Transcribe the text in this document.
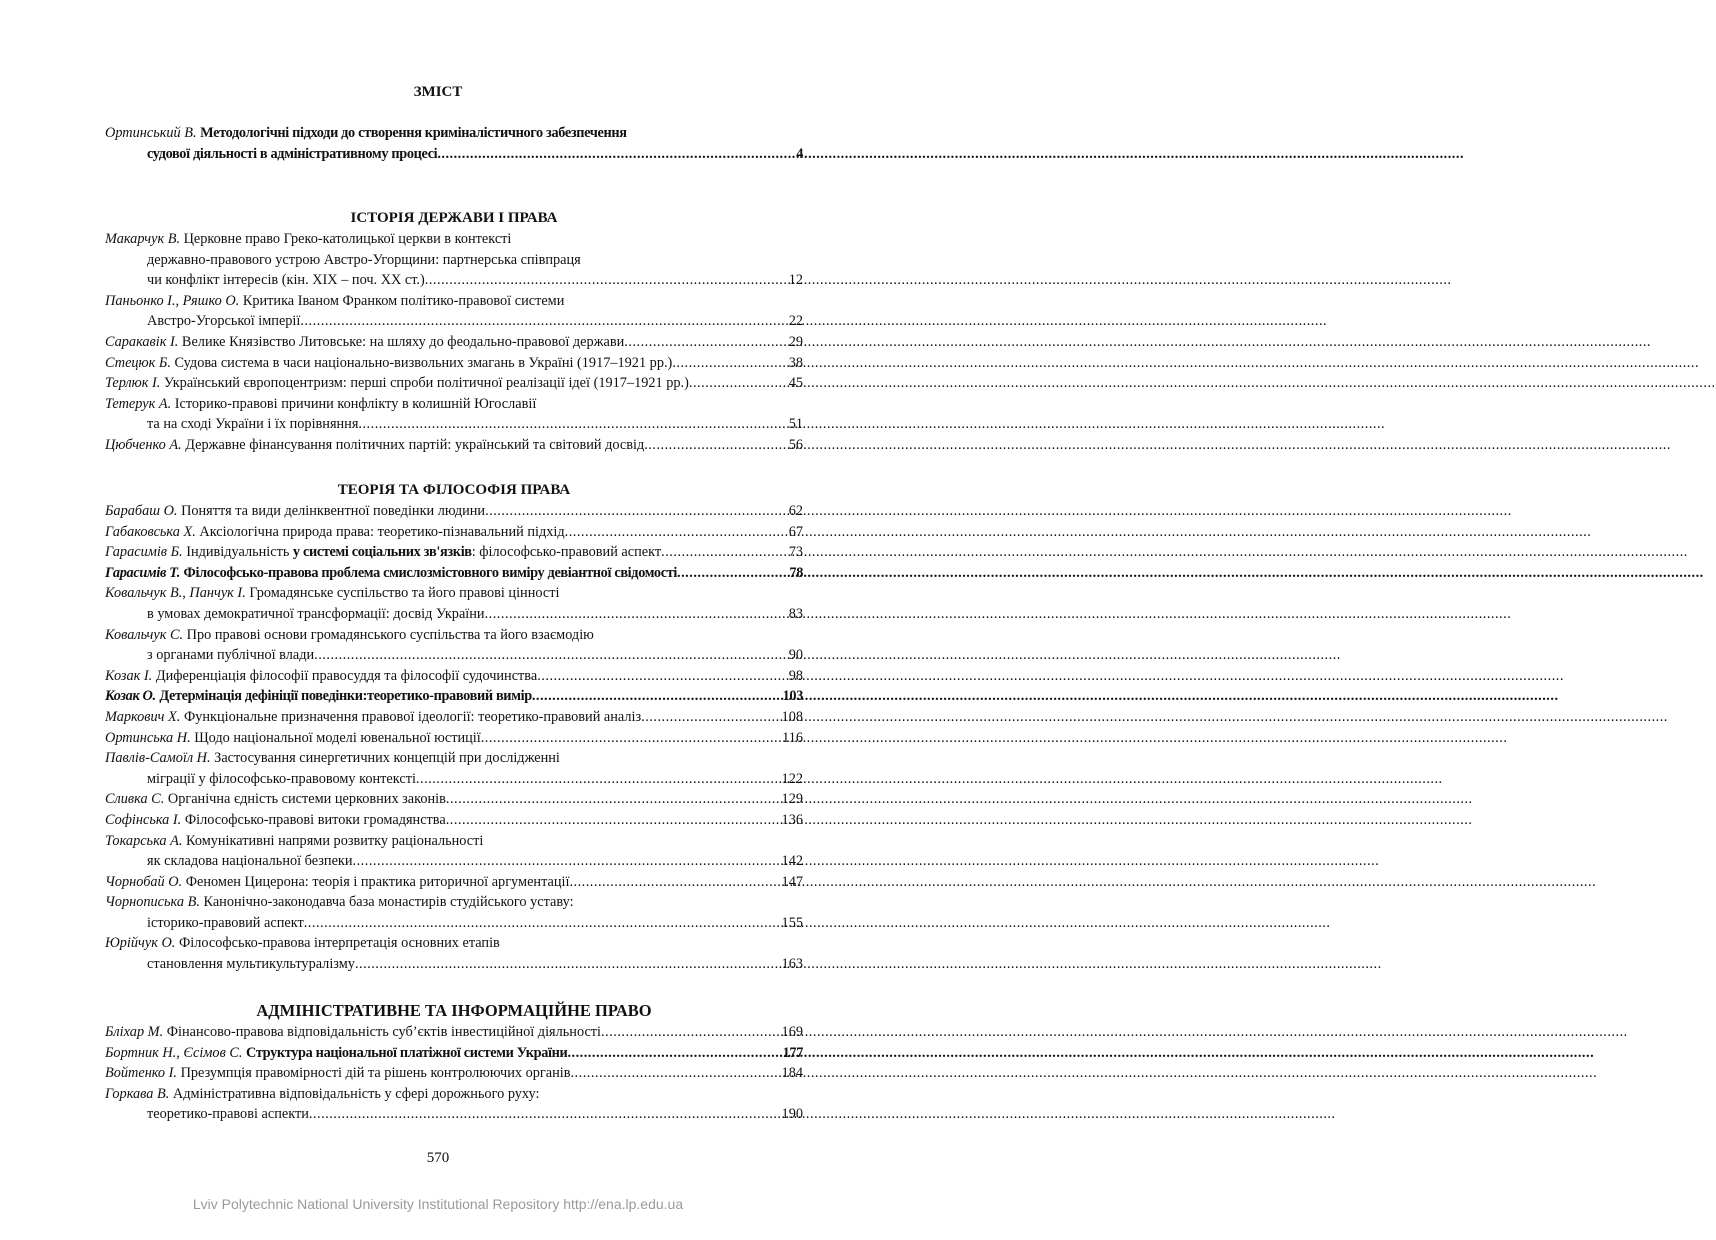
ЗМІСТ
Ортинський В. Методологічні підходи до створення криміналістичного забезпечення
судової діяльності в адміністративному процесі .....	4
ІСТОРІЯ ДЕРЖАВИ І ПРАВА
Макарчук В. Церковне право Греко-католицької церкви в контексті
державно-правового устрою Австро-Угорщини: партнерська співпраця
чи конфлікт інтересів (кін. ХІХ – поч. ХХ ст.) .....	12
Паньонко І., Ряшко О. Критика Іваном Франком політико-правової системи
Австро-Угорської імперії .....	22
Саракавік І. Велике Князівство Литовське: на шляху до феодально-правової держави .....	29
Стецюк Б. Судова система в часи національно-визвольних змагань в Україні (1917–1921 рр.) .....	38
Терлюк І. Український європоцентризм: перші спроби політичної реалізації ідеї (1917–1921 рр.) .....	45
Тетерук А. Історико-правові причини конфлікту в колишній Югославії
та на сході України і їх порівняння .....	51
Цюбченко А. Державне фінансування політичних партій: український та світовий досвід .....	56
ТЕОРІЯ ТА ФІЛОСОФІЯ ПРАВА
Барабаш О. Поняття та види делінквентної поведінки людини .....	62
Габаковська Х. Аксіологічна природа права: теоретико-пізнавальний підхід .....	67
Гарасимів Б. Індивідуальність у системі соціальних зв'язків: філософсько-правовий аспект .....	73
Гарасимів Т. Філософсько-правова проблема смислозмістовного виміру девіантної свідомості .....	78
Ковальчук В., Панчук І. Громадянське суспільство та його правові цінності
в умовах демократичної трансформації: досвід України .....	83
Ковальчук С. Про правові основи громадянського суспільства та його взаємодію
з органами публічної влади .....	90
Козак І. Диференціація філософії правосуддя та філософії судочинства .....	98
Козак О. Детермінація дефініції поведінки:теоретико-правовий вимір .....	103
Маркович Х. Функціональне призначення правової ідеології: теоретико-правовий аналіз .....	108
Ортинська Н. Щодо національної моделі ювенальної юстиції .....	116
Павлів-Самоїл Н. Застосування синергетичних концепцій при дослідженні
міграції у філософсько-правовому контексті .....	122
Сливка С. Органічна єдність системи церковних законів .....	129
Софінська І. Філософсько-правові витоки громадянства .....	136
Токарська А. Комунікативні напрями розвитку раціональності
як складова національної безпеки .....	142
Чорнобай О. Феномен Цицерона: теорія і практика риторичної аргументації .....	147
Чорнописька В. Канонічно-законодавча база монастирів студійського уставу:
історико-правовий аспект .....	155
Юрійчук О. Філософсько-правова інтерпретація основних етапів
становлення мультикультуралізму .....	163
АДМІНІСТРАТИВНЕ ТА ІНФОРМАЦІЙНЕ ПРАВО
Бліхар М. Фінансово-правова відповідальність суб’єктів інвестиційної діяльності .....	169
Бортник Н., Єсімов С. Структура національної платіжної системи України .....	177
Войтенко І. Презумпція правомірності дій та рішень контролюючих органів .....	184
Горкава В. Адміністративна відповідальність у сфері дорожнього руху:
теоретико-правові аспекти .....	190
570
Lviv Polytechnic National University Institutional Repository http://ena.lp.edu.ua
